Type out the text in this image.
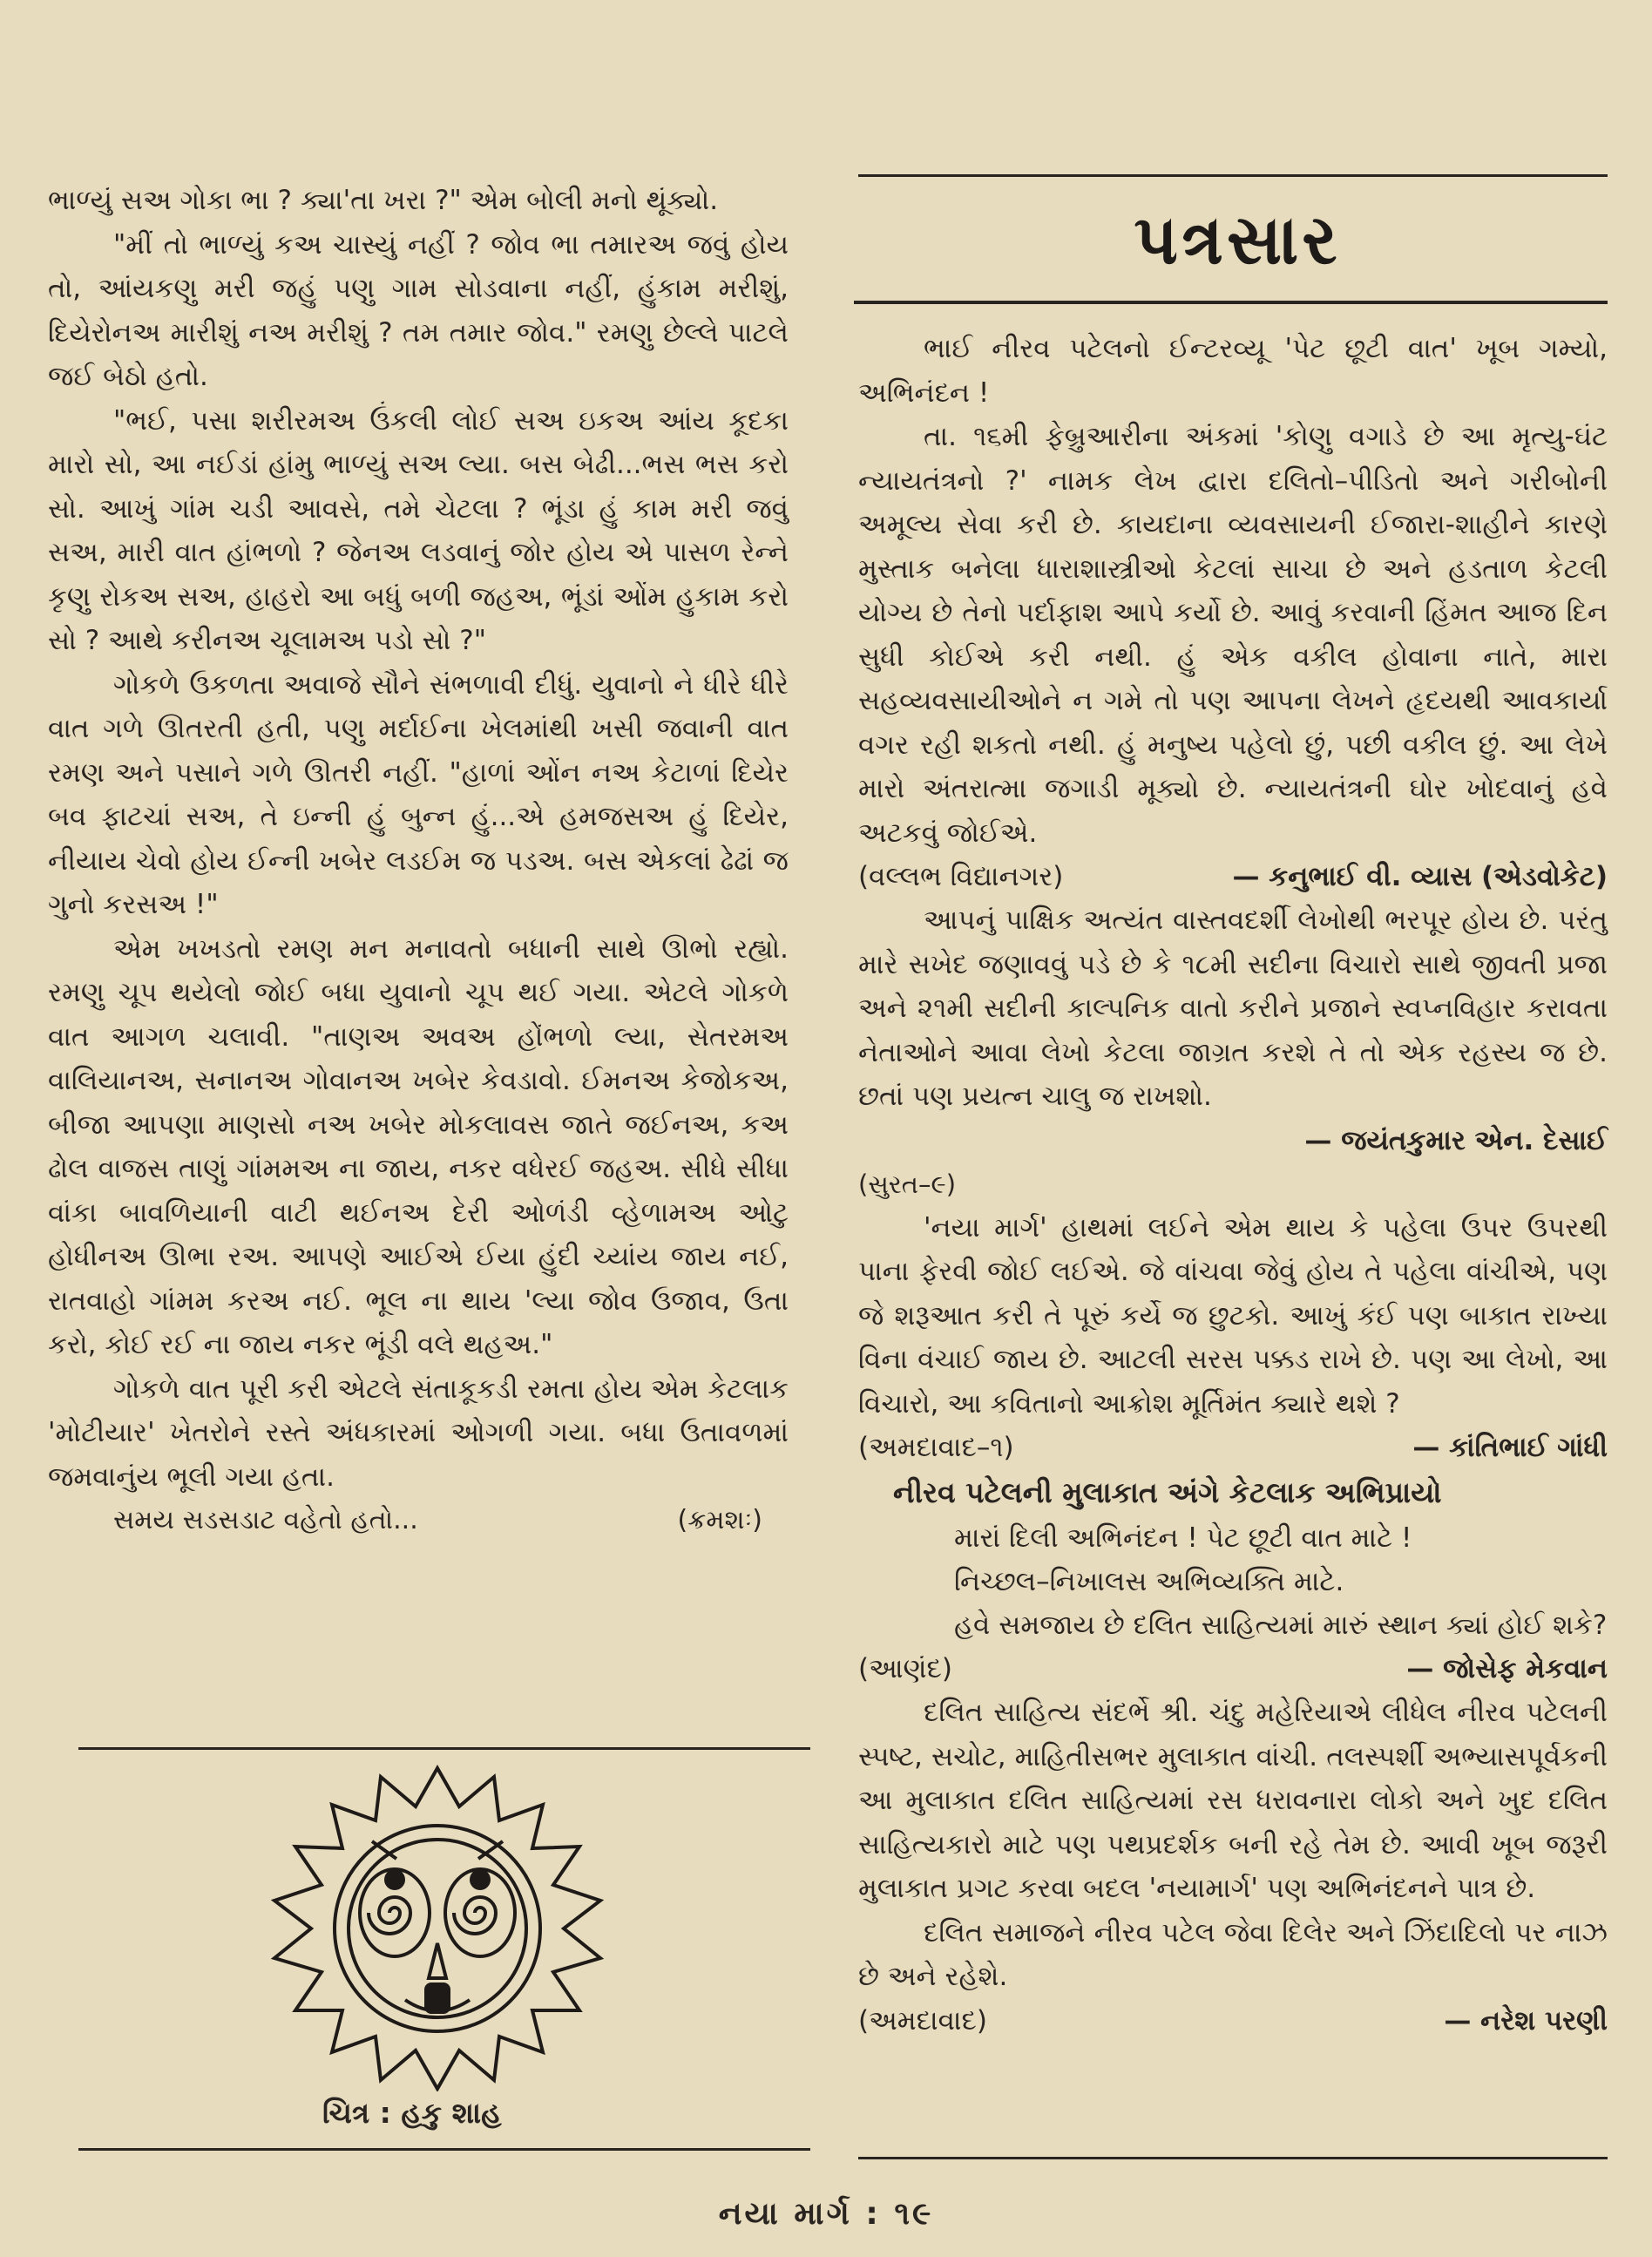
ભાળ્યું સઅ ગોકા ભા ? ક્યા'તા ખરા ?" એમ બોલી મનો થૂંક્યો.

"મીં તો ભાળ્યું કઅ ચાસ્યું નહીં ? જોવ ભા તમારઅ જવું હોય તો, આંયકણુ મરી જહું પણુ ગામ સોડવાના નહીં, હુંકામ મરીશું, દિયેરોનઅ મારીશું નઅ મરીશું ? તમ તમાર જોવ." રમણુ છેલ્લે પાટલે જઈ બેઠો હતો.

"ભઈ, પસા શરીરમઅ ઉંકલી લોઈ સઅ ઇકઅ આંય કૂદકા મારો સો, આ નઈડાં હાંમુ ભાળ્યું સઅ લ્યા. બસ બેઢી...ભસ ભસ કરો સો. આખું ગાંમ ચડી આવસે, તમે ચેટલા ? ભૂંડા હું કામ મરી જવું સઅ, મારી વાત હાંભળો ? જેનઅ લડવાનું જોર હોય એ પાસળ રેન્ને કૃણુ રોકઅ સઅ, હાહરો આ બધું બળી જહઅ, ભૂંડાં ઓંમ હુકામ કરો સો ? આથે કરીનઅ ચૂલામઅ પડો સો ?"

ગોકળે ઉકળતા અવાજે સૌને સંભળાવી દીધું. યુવાનો ને ધીરે ધીરે વાત ગળે ઊતરતી હતી, પણુ મર્દાઈના ખેલમાંથી ખસી જવાની વાત રમણ અને પસાને ગળે ઊતરી નહીં. "હાળાં ઓંન નઅ કેટાળાં દિયેર બવ ફાટચાં સઅ, તે ઇન્ની હું બુન્ન હું...એ હમજસઅ હું દિયેર, નીયાય ચેવો હોય ઈન્ની ખબેર લડઈમ જ પડઅ. બસ એકલાં ઢેઢાં જ ગુનો કરસઅ !"

એમ ખખડતો રમણ મન મનાવતો બધાની સાથે ઊભો રહ્યો. રમણુ ચૂપ થયેલો જોઈ બધા યુવાનો ચૂપ થઈ ગયા. એટલે ગોકળે વાત આગળ ચલાવી. "તાણઅ અવઅ હોંભળો લ્યા, સેતરમઅ વાલિયાનઅ, સનાનઅ ગોવાનઅ ખબેર કેવડાવો. ઈમનઅ કેજોકઅ, બીજા આપણા માણસો નઅ ખબેર મોકલાવસ જાતે જઈનઅ, કઅ ઢોલ વાજસ તાણું ગાંમમઅ ના જાય, નકર વધેરઈ જહઅ. સીધે સીધા વાંકા બાવળિયાની વાટી થઈનઅ દેરી ઓળંડી વ્હેળામઅ ઓટુ હોધીનઅ ઊભા રઅ. આપણે આઈએ ઈયા હુંદી ચ્યાંય જાય નઈ, રાતવાહો ગાંમમ કરઅ નઈ. ભૂલ ના થાય 'લ્યા જોવ ઉજાવ, ઉતા કરો, કોઈ રઈ ના જાય નકર ભૂંડી વલે થહઅ."

ગોકળે વાત પૂરી કરી એટલે સંતાકૂકડી રમતા હોય એમ કેટલાક 'મોટીયાર' ખેતરોને રસ્તે અંધકારમાં ઓગળી ગયા. બધા ઉતાવળમાં જમવાનુંય ભૂલી ગયા હતા.

સમય સડસડાટ વહેતો હતો...	(ક્રમશઃ)
ચિત્ર : હકુ શાહ
પત્રસાર

ભાઈ નીરવ પટેલનો ઈન્ટરવ્યૂ 'પેટ છૂટી વાત' ખૂબ ગમ્યો, અભિનંદન !

તા. ૧૬મી ફેબ્રુઆરીના અંકમાં 'કોણુ વગાડે છે આ મૃત્યુ-ઘંટ ન્યાયતંત્રનો ?' નામક લેખ દ્વારા દલિતો–પીડિતો અને ગરીબોની અમૂલ્ય સેવા કરી છે. કાયદાના વ્યવસાયની ઈજારા-શાહીને કારણે મુસ્તાક બનેલા ધારાશાસ્ત્રીઓ કેટલાં સાચા છે અને હડતાળ કેટલી યોગ્ય છે તેનો પર્દાફાશ આપે કર્યો છે. આવું કરવાની હિંમત આજ દિન સુધી કોઈએ કરી નથી. હું એક વકીલ હોવાના નાતે, મારા સહવ્યવસાયીઓને ન ગમે તો પણ આપના લેખને હૃદયથી આવકાર્યા વગર રહી શકતો નથી. હું મનુષ્ય પહેલો છું, પછી વકીલ છું. આ લેખે મારો અંતરાત્મા જગાડી મૂક્યો છે. ન્યાયતંત્રની ઘોર ખોદવાનું હવે અટકવું જોઈએ.

(વલ્લભ વિદ્યાનગર)	— કનુભાઈ વી. વ્યાસ (એડવોકેટ)

આપનું પાક્ષિક અત્યંત વાસ્તવદર્શી લેખોથી ભરપૂર હોય છે. પરંતુ મારે સખેદ જણાવવું પડે છે કે ૧૮મી સદીના વિચારો સાથે જીવતી પ્રજા અને ૨૧મી સદીની કાલ્પનિક વાતો કરીને પ્રજાને સ્વપ્નવિહાર કરાવતા નેતાઓને આવા લેખો કેટલા જાગ્રત કરશે તે તો એક રહસ્ય જ છે. છતાં પણ પ્રયત્ન ચાલુ જ રાખશો.

— જયંતકુમાર એન. દેસાઈ

(સુરત–૯)

'નયા માર્ગ' હાથમાં લઈને એમ થાય કે પહેલા ઉપર ઉપરથી પાના ફેરવી જોઈ લઈએ. જે વાંચવા જેવું હોય તે પહેલા વાંચીએ, પણ જે શરૂઆત કરી તે પૂરું કર્યે જ છુટકો. આખું કંઈ પણ બાકાત રાખ્યા વિના વંચાઈ જાય છે. આટલી સરસ પક્કડ રાખે છે. પણ આ લેખો, આ વિચારો, આ કવિતાનો આક્રોશ મૂર્તિમંત ક્યારે થશે ?

(અમદાવાદ–૧)	— કાંતિભાઈ ગાંધી

નીરવ પટેલની મુલાકાત અંગે કેટલાક અભિપ્રાયો

મારાં દિલી અભિનંદન ! પેટ છૂટી વાત માટે !

નિચ્છલ–નિખાલસ અભિવ્યક્તિ માટે.

હવે સમજાય છે દલિત સાહિત્યમાં મારું સ્થાન ક્યાં હોઈ શકે?

(આણંદ)	— જોસેફ મેકવાન

દલિત સાહિત્ય સંદર્ભે શ્રી. ચંદુ મહેરિયાએ લીધેલ નીરવ પટેલની સ્પષ્ટ, સચોટ, માહિતીસભર મુલાકાત વાંચી. તલસ્પર્શી અભ્યાસપૂર્વકની આ મુલાકાત દલિત સાહિત્યમાં રસ ધરાવનારા લોકો અને ખુદ દલિત સાહિત્યકારો માટે પણ પથપ્રદર્શક બની રહે તેમ છે. આવી ખૂબ જરૂરી મુલાકાત પ્રગટ કરવા બદલ 'નયામાર્ગ' પણ અભિનંદનને પાત્ર છે.

દલિત સમાજને નીરવ પટેલ જેવા દિલેર અને ઝિંદાદિલો પર નાઝ છે અને રહેશે.

(અમદાવાદ)	— નરેશ પરણી
નયા માર્ગ : ૧૯
